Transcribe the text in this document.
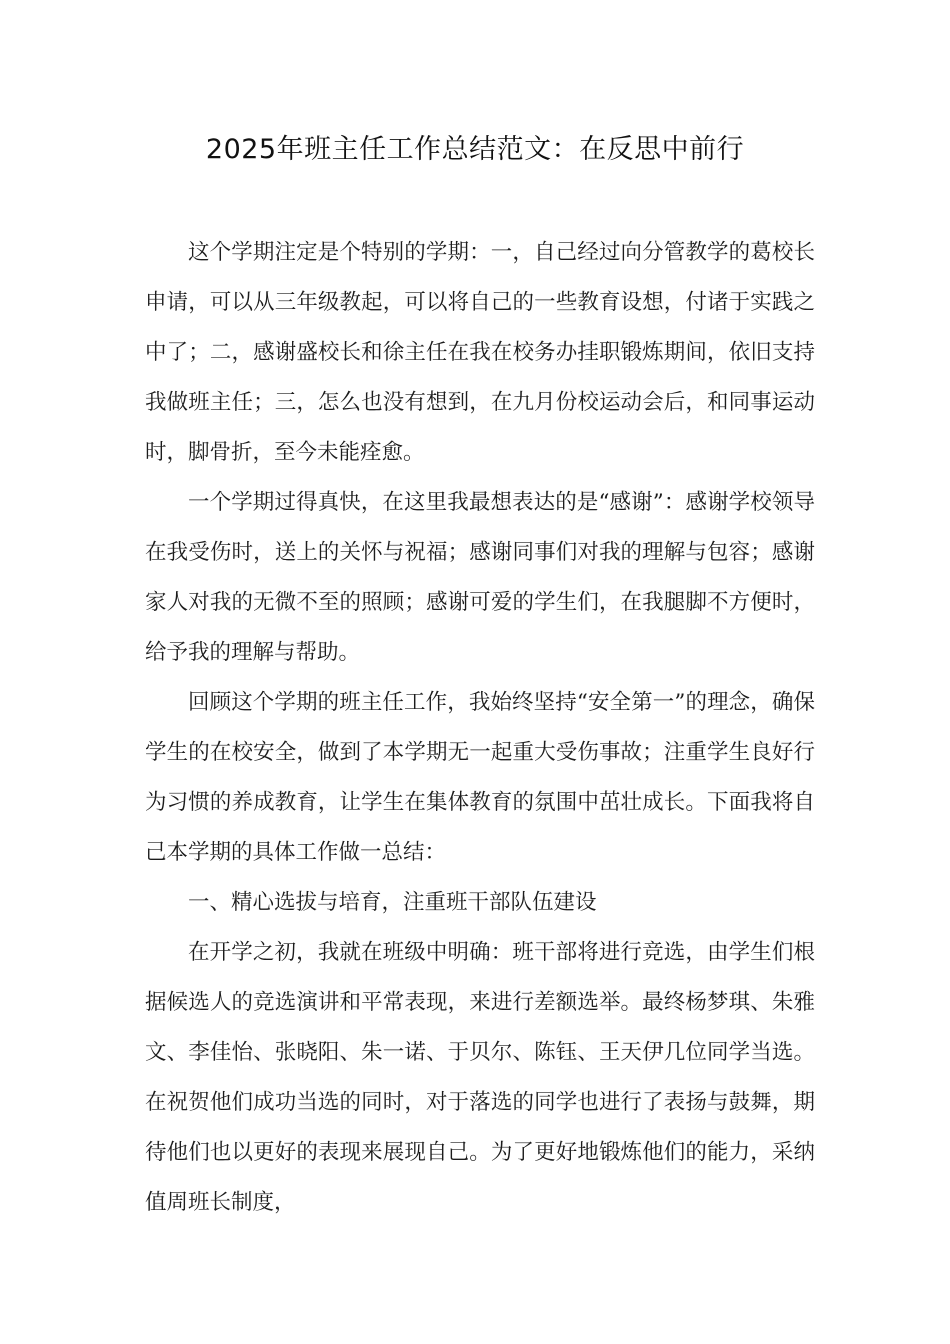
2025年班主任工作总结范文：在反思中前行

这个学期注定是个特别的学期：一，自己经过向分管教学的葛校长申请，可以从三年级教起，可以将自己的一些教育设想，付诸于实践之中了；二，感谢盛校长和徐主任在我在校务办挂职锻炼期间，依旧支持我做班主任；三，怎么也没有想到，在九月份校运动会后，和同事运动时，脚骨折，至今未能痊愈。

一个学期过得真快，在这里我最想表达的是“感谢”：感谢学校领导在我受伤时，送上的关怀与祝福；感谢同事们对我的理解与包容；感谢家人对我的无微不至的照顾；感谢可爱的学生们，在我腿脚不方便时，给予我的理解与帮助。

回顾这个学期的班主任工作，我始终坚持“安全第一”的理念，确保学生的在校安全，做到了本学期无一起重大受伤事故；注重学生良好行为习惯的养成教育，让学生在集体教育的氛围中茁壮成长。下面我将自己本学期的具体工作做一总结：

一、精心选拔与培育，注重班干部队伍建设

在开学之初，我就在班级中明确：班干部将进行竞选，由学生们根据候选人的竞选演讲和平常表现，来进行差额选举。最终杨梦琪、朱雅文、李佳怡、张晓阳、朱一诺、于贝尔、陈钰、王天伊几位同学当选。在祝贺他们成功当选的同时，对于落选的同学也进行了表扬与鼓舞，期待他们也以更好的表现来展现自己。为了更好地锻炼他们的能力，采纳值周班长制度，
